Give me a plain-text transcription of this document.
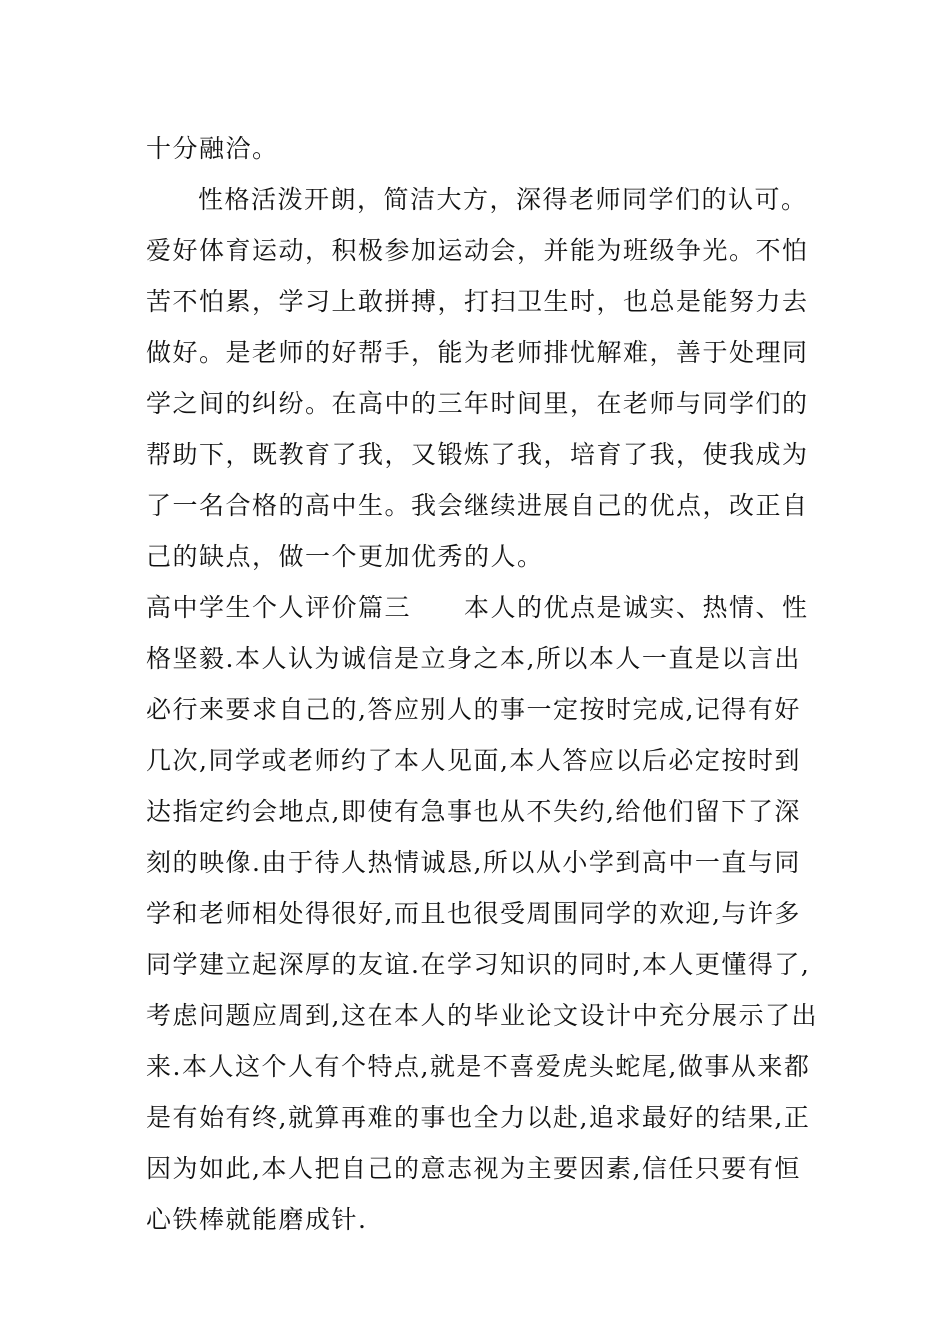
十分融洽。
性格活泼开朗，简洁大方，深得老师同学们的认可。
爱好体育运动，积极参加运动会，并能为班级争光。不怕
苦不怕累，学习上敢拼搏，打扫卫生时，也总是能努力去
做好。是老师的好帮手，能为老师排忧解难，善于处理同
学之间的纠纷。在高中的三年时间里，在老师与同学们的
帮助下，既教育了我，又锻炼了我，培育了我，使我成为
了一名合格的高中生。我会继续进展自己的优点，改正自
己的缺点，做一个更加优秀的人。
高中学生个人评价篇三　　本人的优点是诚实、热情、性
格坚毅.本人认为诚信是立身之本,所以本人一直是以言出
必行来要求自己的,答应别人的事一定按时完成,记得有好
几次,同学或老师约了本人见面,本人答应以后必定按时到
达指定约会地点,即使有急事也从不失约,给他们留下了深
刻的映像.由于待人热情诚恳,所以从小学到高中一直与同
学和老师相处得很好,而且也很受周围同学的欢迎,与许多
同学建立起深厚的友谊.在学习知识的同时,本人更懂得了,
考虑问题应周到,这在本人的毕业论文设计中充分展示了出
来.本人这个人有个特点,就是不喜爱虎头蛇尾,做事从来都
是有始有终,就算再难的事也全力以赴,追求最好的结果,正
因为如此,本人把自己的意志视为主要因素,信任只要有恒
心铁棒就能磨成针.
